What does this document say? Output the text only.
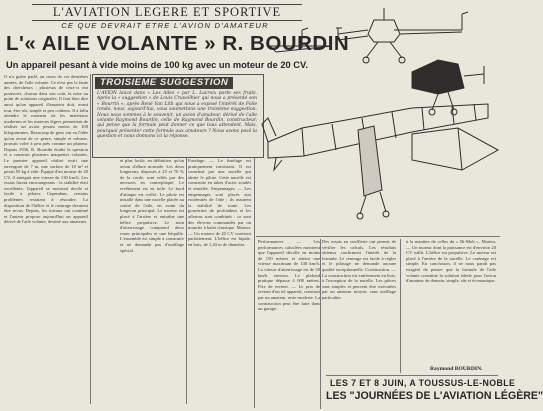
L'AVIATION LEGERE ET SPORTIVE
CE QUE DEVRAIT ETRE L'AVION D'AMATEUR
L'« AILE VOLANTE » R. BOURDIN
Un appareil pesant à vide moins de 100 kg avec un moteur de 20 CV.
O n'a guère parlé, au cours de ces dernières années, de l'aile volante. Ce n'est pas la faute des chercheurs ; plusieurs de ceux-ci ont poursuivi, chacun dans son coin, la mise au point de solutions originales. Il faut bien dire aussi qu'un appareil d'amateur doit, avant tout, être sûr, simple et peu coûteux. Il a fallu attendre le moment où les matériaux modernes et les moteurs légers permettent de réaliser un avion pesant moins de 100 kilogrammes. Beaucoup de gens ont eu l'idée qu'un avion de ce genre, simple et robuste, pouvait voler à peu près comme un planeur. Depuis 1936, R. Bourdin étudie la question et a construit plusieurs maquettes volantes. Le premier appareil réalisé avait une envergure de 7 m, une surface de 10 m² et pesait 95 kg à vide. Équipé d'un moteur de 20 CV, il atteignit une vitesse de 130 km/h. Les essais furent encourageants : la stabilité était excellente, l'appareil se montrait docile et facile à piloter. Cependant, certains problèmes restaient à résoudre. La disposition de l'hélice et le centrage devaient être revus. Depuis, les travaux ont continué et l'auteur propose aujourd'hui un appareil dérivé de l'aile volante, destiné aux amateurs.
TROISIEME SUGGESTION
L'AVION lancé dans « Les Ailes » par L. Lacroix porte ses fruits. Après la « suggestion » de Louis Cruveilhier qui nous a présenté son « Bourrin », après René Van Lith qui nous a exposé l'intérêt de Folie rondo, nous, aujourd'hui, vous soumettons une troisième suggestion. Nous nous sommes à le souvenir, un avion d'amateur, dérivé de l'aile volante Raymond Bourdin, celle de Raymond Bourdin, constructeur, qui pense que la formule peut donner ce que tous attendent. Mais, pourquoi présenter cette formule aux amateurs ? Nous avons posé la question et nous donnons ici la réponse.
et plus facile, en définitive, qu'un avion d'allure normale. Les deux longerons, disposés à 25 et 70 % de la corde, sont reliés par des nervures en contreplaqué. Le revêtement est en toile. Le bord d'attaque est coffré. Le pilote est installé dans une nacelle placée au centre de l'aile, en avant du longeron principal. Le moteur est placé à l'arrière et entraîne une hélice propulsive. Le train d'atterrissage comprend deux roues principales et une béquille. L'ensemble est simple à construire et ne demande pas d'outillage spécial.
Fuselage. — Le fuselage est pratiquement inexistant. Il est constitué par une nacelle qui abrite le pilote. Cette nacelle est construite en tubes d'acier soudés et entoilée. Empennages. — Les empennages sont placés aux extrémités de l'aile ; ils assurent la stabilité de route. Les gouvernes de profondeur et les ailerons sont combinés : ce sont des élevons commandés par un manche à balai classique. Moteur. — Un moteur de 20 CV convient parfaitement. L'hélice est bipale, en bois, de 1,20 m de diamètre.
Performances. — Les performances calculées montrent que l'appareil décolle en moins de 150 mètres et atteint une vitesse maximum de 140 km/h. La vitesse d'atterrissage est de 50 km/h environ. Le plafond pratique dépasse 4 000 mètres. Prix de revient. — Le prix de revient d'un tel appareil, construit par un amateur, reste modeste. La construction peut être faite dans un garage.
Des essais en soufflerie ont permis de vérifier les calculs. Les résultats obtenus confirment l'intérêt de la formule. Le centrage est facile à régler et le pilotage ne demande aucune qualité exceptionnelle. Construction. — La construction est entièrement en bois, à l'exception de la nacelle. Les pièces sont simples et peuvent être exécutées par un amateur moyen, sans outillage particulier.
à la manière de celles du « Bi-Mob ». Moteur. — Un moteur dont la puissance est d'environ 20 CV suffit. L'hélice est propulsive. Le moteur est placé à l'arrière de la nacelle. Le carénage est simple. En conclusion, il ne nous paraît pas exagéré de penser que la formule de l'aile volante constitue la solution idéale pour l'avion d'amateur de demain, simple, sûr et économique.
Raymond BOURDIN.
LES 7 ET 8 JUIN, A TOUSSUS-LE-NOBLE
LES "JOURNÉES DE L'AVIATION LÉGÈRE"
